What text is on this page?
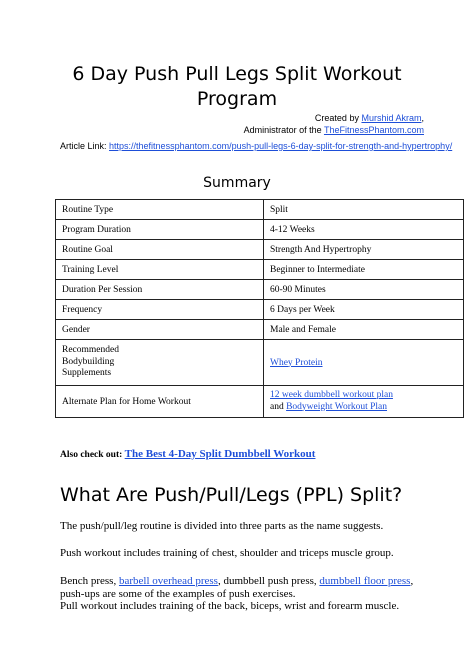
6 Day Push Pull Legs Split Workout
Program
Created by Murshid Akram,
Administrator of the TheFitnessPhantom.com
Article Link: https://thefitnessphantom.com/push-pull-legs-6-day-split-for-strength-and-hypertrophy/
Summary
Routine Type	Split
Program Duration	4-12 Weeks
Routine Goal	Strength And Hypertrophy
Training Level	Beginner to Intermediate
Duration Per Session	60-90 Minutes
Frequency	6 Days per Week
Gender	Male and Female

Recommended
Bodybuilding
Supplements	Whey Protein
Alternate Plan for Home Workout	12 week dumbbell workout plan
and Bodyweight Workout Plan
Also check out: The Best 4-Day Split Dumbbell Workout
What Are Push/Pull/Legs (PPL) Split?
The push/pull/leg routine is divided into three parts as the name suggests.
Push workout includes training of chest, shoulder and triceps muscle group.
Bench press, barbell overhead press, dumbbell push press, dumbbell floor press,
push-ups are some of the examples of push exercises.
Pull workout includes training of the back, biceps, wrist and forearm muscle.
